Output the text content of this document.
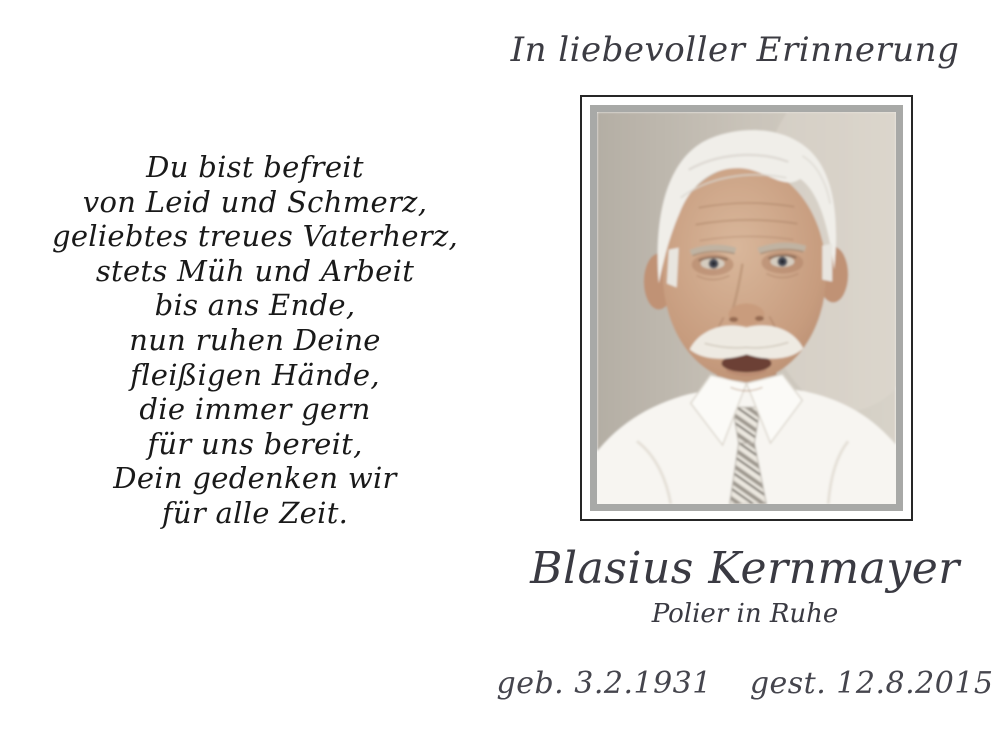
In liebevoller Erinnerung
Du bist befreit
von Leid und Schmerz,
geliebtes treues Vaterherz,
stets Müh und Arbeit
bis ans Ende,
nun ruhen Deine
fleißigen Hände,
die immer gern
für uns bereit,
Dein gedenken wir
für alle Zeit.
Blasius Kernmayer
Polier in Ruhe
geb. 3.2.1931 gest. 12.8.2015
